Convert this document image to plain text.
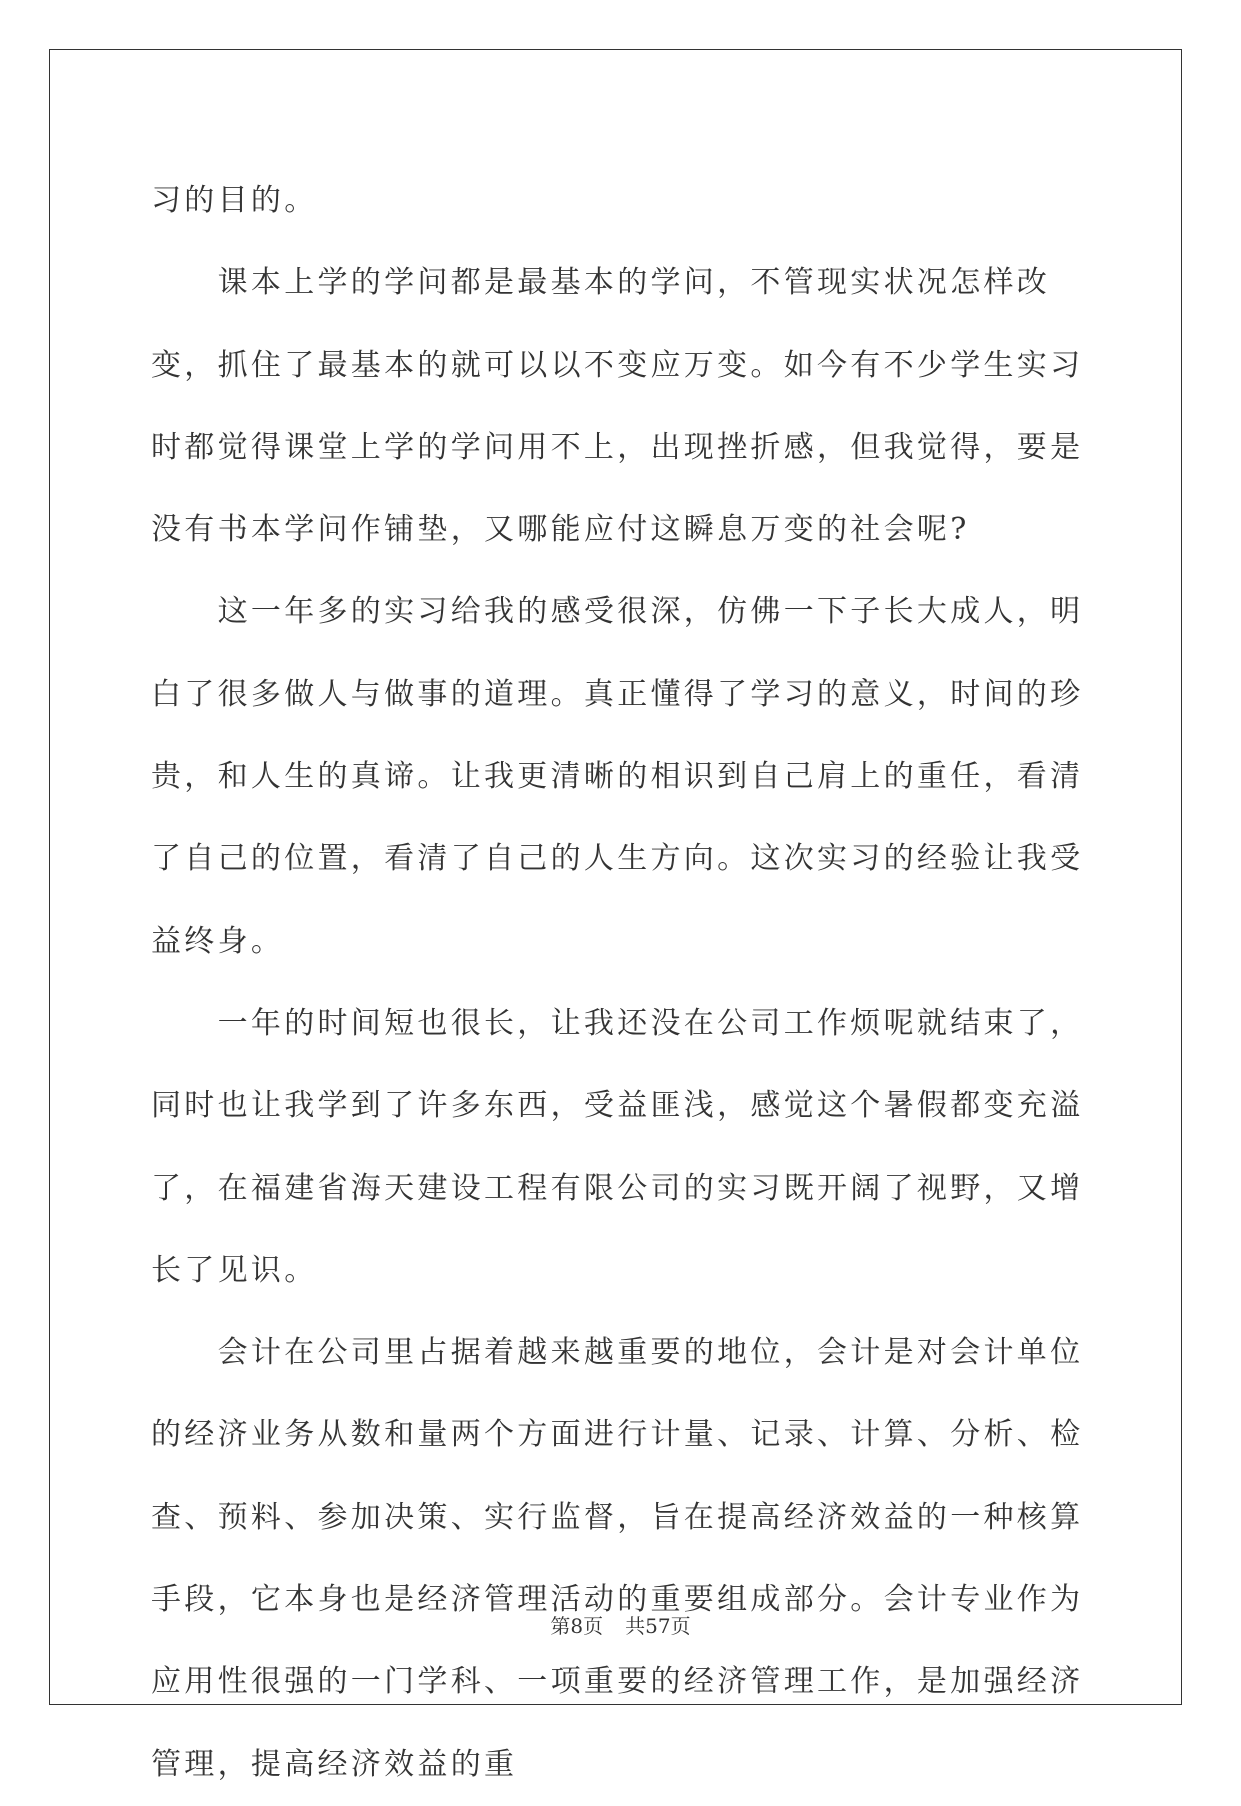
习的目的。

课本上学的学问都是最基本的学问，不管现实状况怎样改变，抓住了最基本的就可以以不变应万变。如今有不少学生实习时都觉得课堂上学的学问用不上，出现挫折感，但我觉得，要是没有书本学问作铺垫，又哪能应付这瞬息万变的社会呢?

这一年多的实习给我的感受很深，仿佛一下子长大成人，明白了很多做人与做事的道理。真正懂得了学习的意义，时间的珍贵，和人生的真谛。让我更清晰的相识到自己肩上的重任，看清了自己的位置，看清了自己的人生方向。这次实习的经验让我受益终身。

一年的时间短也很长，让我还没在公司工作烦呢就结束了，同时也让我学到了许多东西，受益匪浅，感觉这个暑假都变充溢了，在福建省海天建设工程有限公司的实习既开阔了视野，又增长了见识。

会计在公司里占据着越来越重要的地位，会计是对会计单位的经济业务从数和量两个方面进行计量、记录、计算、分析、检查、预料、参加决策、实行监督，旨在提高经济效益的一种核算手段，它本身也是经济管理活动的重要组成部分。会计专业作为应用性很强的一门学科、一项重要的经济管理工作，是加强经济管理，提高经济效益的重

第8页 共57页
